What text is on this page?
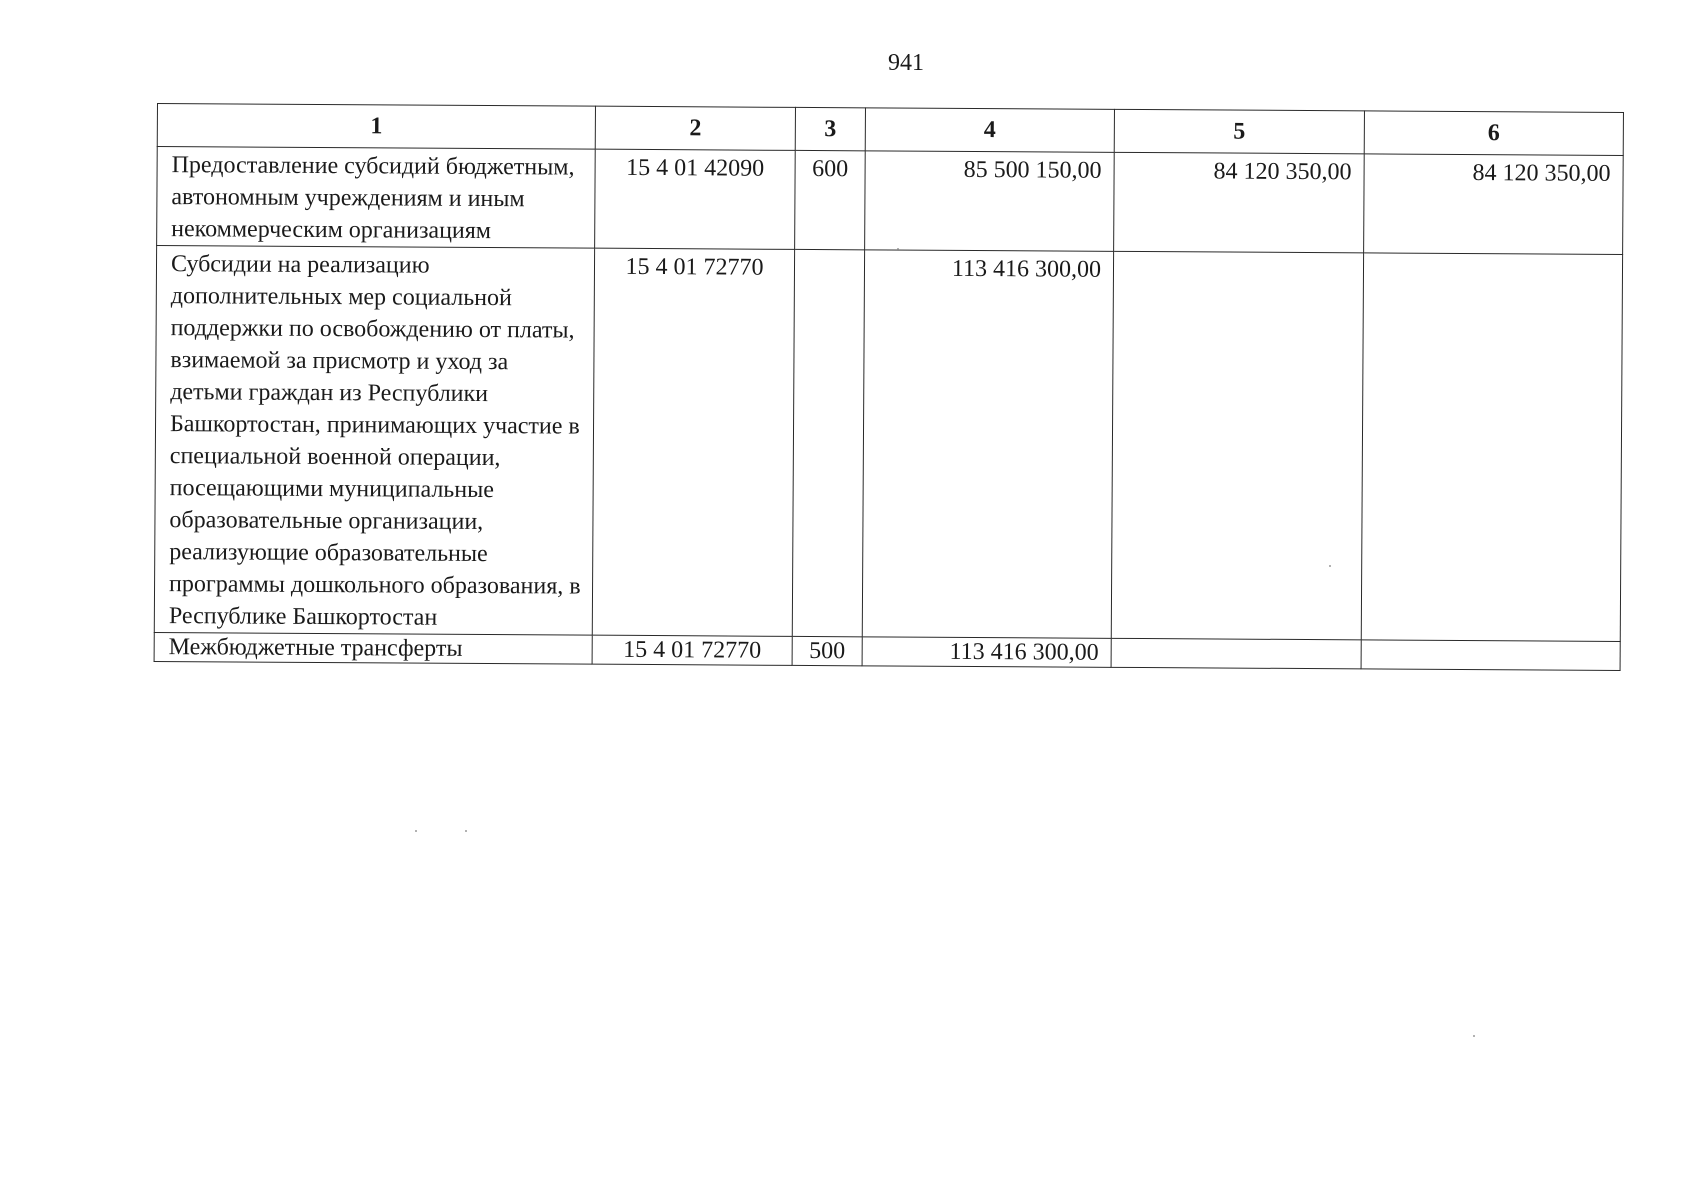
941
1	2	3	4	5	6
Предоставление субсидий бюджетным, автономным учреждениям и иным некоммерческим организациям	15 4 01 42090	600	85 500 150,00	84 120 350,00	84 120 350,00
Субсидии на реализацию дополнительных мер социальной поддержки по освобождению от платы, взимаемой за присмотр и уход за детьми граждан из Республики Башкортостан, принимающих участие в специальной военной операции, посещающими муниципальные образовательные организации, реализующие образовательные программы дошкольного образования, в Республике Башкортостан	15 4 01 72770		113 416 300,00		
Межбюджетные трансферты	15 4 01 72770	500	113 416 300,00		
